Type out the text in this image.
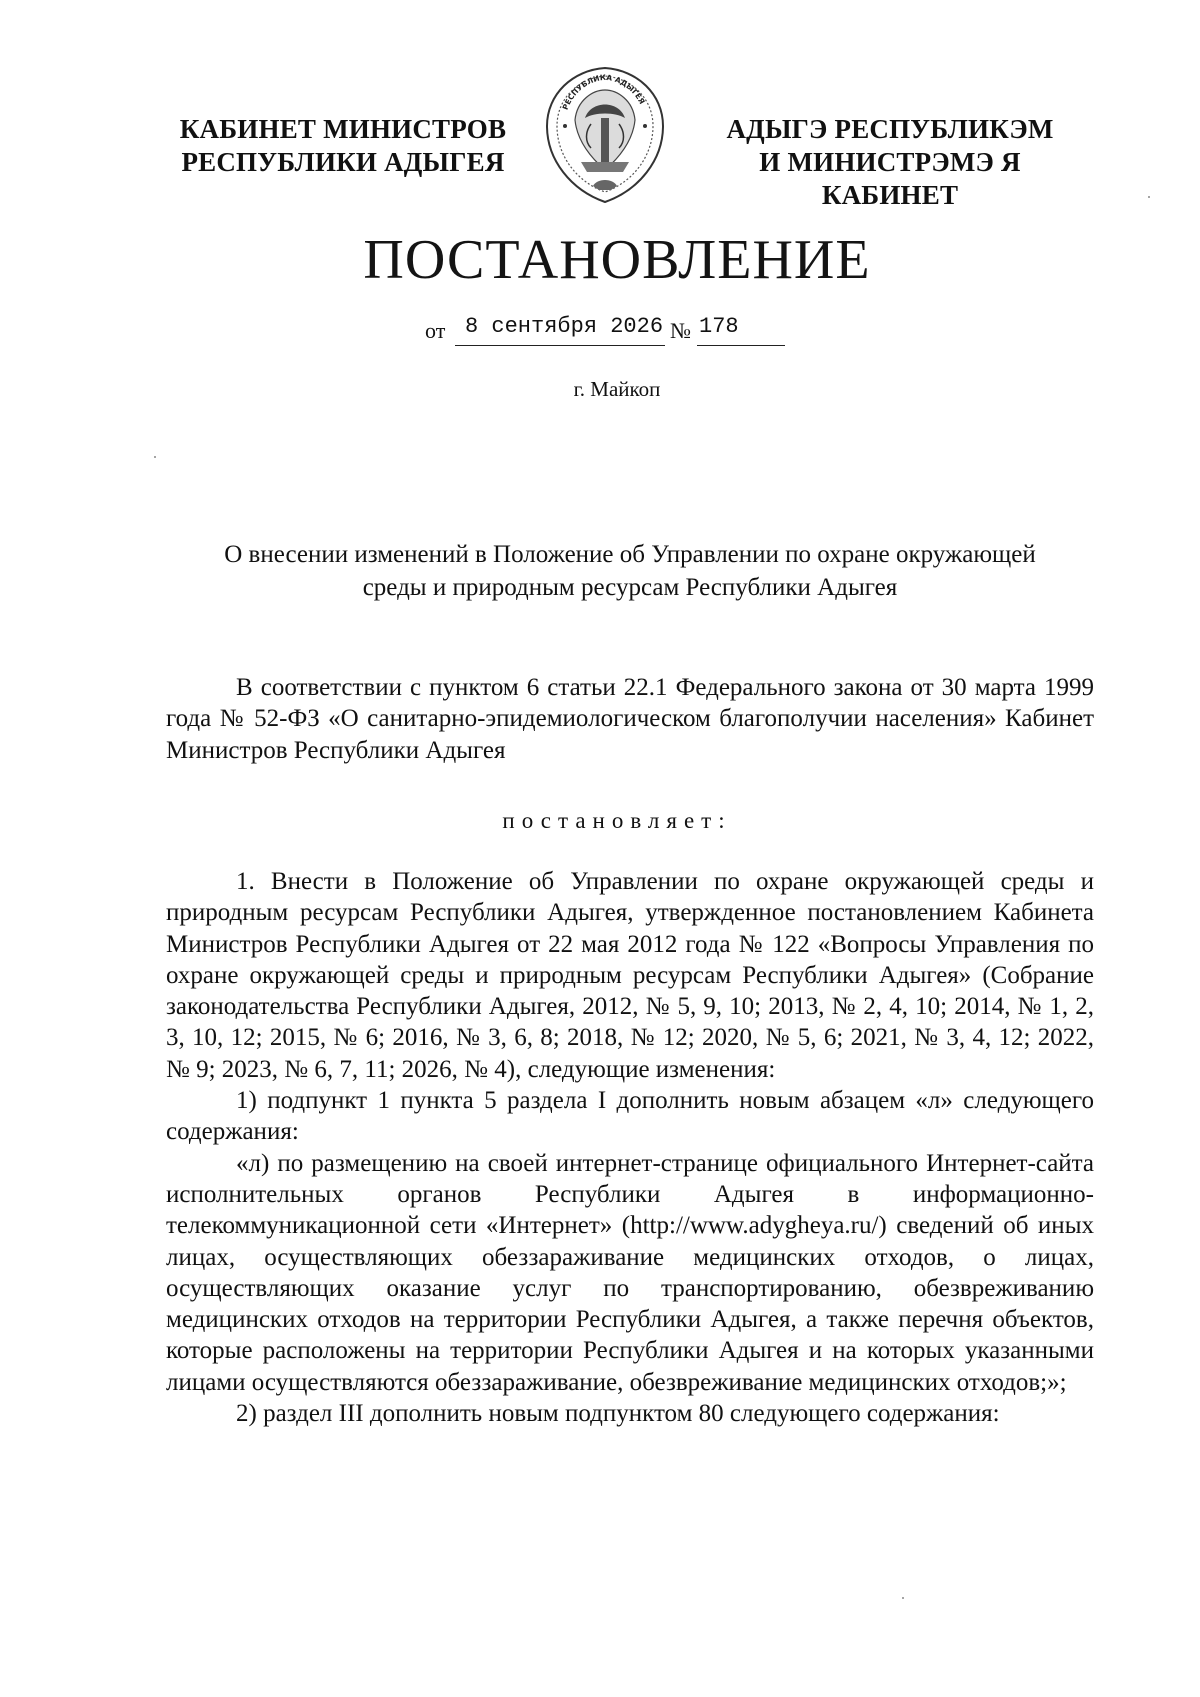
КАБИНЕТ МИНИСТРОВ
РЕСПУБЛИКИ АДЫГЕЯ
РЕСПУБЛИКА АДЫГЕЯ
АДЫГЭ РЕСПУБЛИКЭМ
И МИНИСТРЭМЭ Я КАБИНЕТ
ПОСТАНОВЛЕНИЕ
от 8 сентября 2026 № 178
г. Майкоп
О внесении изменений в Положение об Управлении по охране окружающей
среды и природным ресурсам Республики Адыгея

В соответствии с пунктом 6 статьи 22.1 Федерального закона от 30 марта 1999 года № 52-ФЗ «О санитарно-эпидемиологическом благополучии населения» Кабинет Министров Республики Адыгея

постановляет:

1. Внести в Положение об Управлении по охране окружающей среды и природным ресурсам Республики Адыгея, утвержденное постановлением Кабинета Министров Республики Адыгея от 22 мая 2012 года № 122 «Вопросы Управления по охране окружающей среды и природным ресурсам Республики Адыгея» (Собрание законодательства Республики Адыгея, 2012, № 5, 9, 10; 2013, № 2, 4, 10; 2014, № 1, 2, 3, 10, 12; 2015, № 6; 2016, № 3, 6, 8; 2018, № 12; 2020, № 5, 6; 2021, № 3, 4, 12; 2022, № 9; 2023, № 6, 7, 11; 2026, № 4), следующие изменения:

1) подпункт 1 пункта 5 раздела I дополнить новым абзацем «л» следующего содержания:

«л) по размещению на своей интернет-странице официального Интернет-сайта исполнительных органов Республики Адыгея в информационно-телекоммуникационной сети «Интернет» (http://www.adygheya.ru/) сведений об иных лицах, осуществляющих обеззараживание медицинских отходов, о лицах, осуществляющих оказание услуг по транспортированию, обезвреживанию медицинских отходов на территории Республики Адыгея, а также перечня объектов, которые расположены на территории Республики Адыгея и на которых указанными лицами осуществляются обеззараживание, обезвреживание медицинских отходов;»;

2) раздел III дополнить новым подпунктом 80 следующего содержания:
